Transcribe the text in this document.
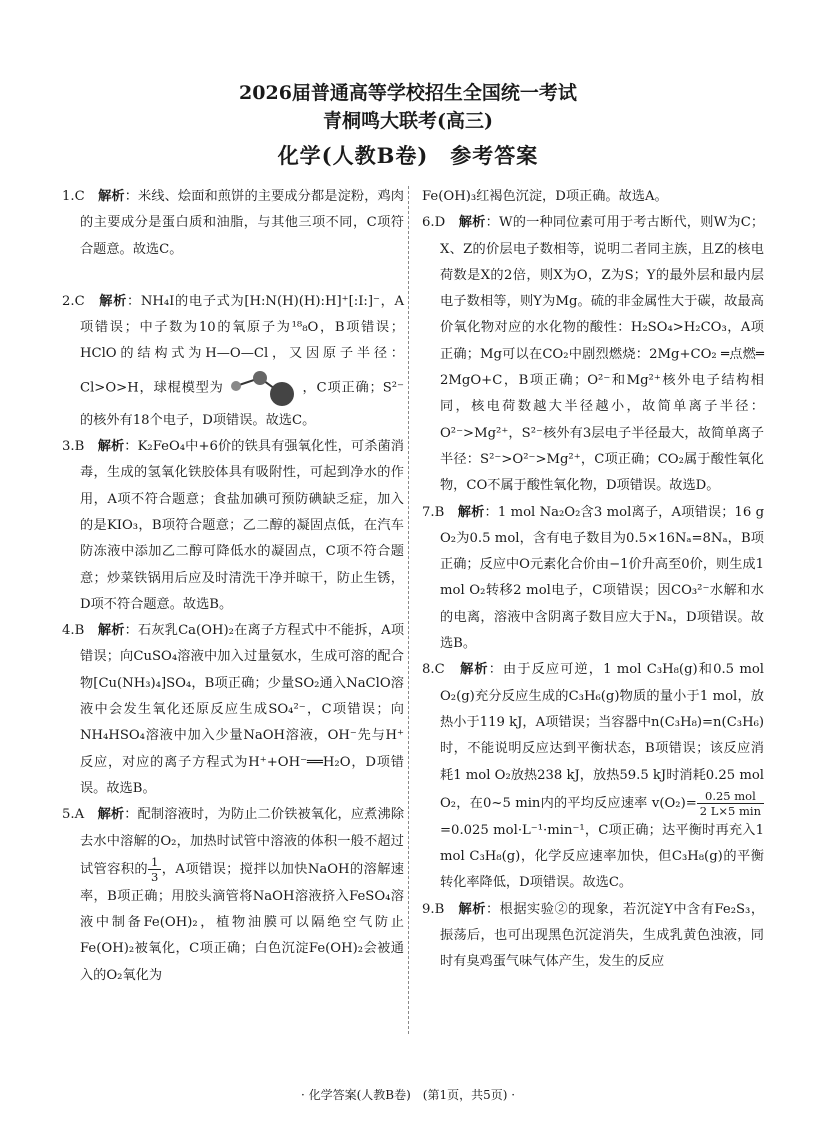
2026届普通高等学校招生全国统一考试
青桐鸣大联考(高三)
化学(人教B卷)　参考答案

1.C　 解析：米线、烩面和煎饼的主要成分都是淀粉，鸡肉的主要成分是蛋白质和油脂，与其他三项不同，C项符合题意。故选C。

2.C　 解析：NH₄I的电子式为[H:N(H)(H):H]⁺[:I:]⁻，A项错误；中子数为10的氧原子为¹⁸₈O，B项错误；HClO的结构式为H—O—Cl，又因原子半径：Cl>O>H，球棍模型为	，C项正确；S²⁻的核外有18个电子，D项错误。故选C。

3.B　 解析：K₂FeO₄中+6价的铁具有强氧化性，可杀菌消毒，生成的氢氧化铁胶体具有吸附性，可起到净水的作用，A项不符合题意；食盐加碘可预防碘缺乏症，加入的是KIO₃，B项符合题意；乙二醇的凝固点低，在汽车防冻液中添加乙二醇可降低水的凝固点，C项不符合题意；炒菜铁锅用后应及时清洗干净并晾干，防止生锈，D项不符合题意。故选B。

4.B　 解析：石灰乳Ca(OH)₂在离子方程式中不能拆，A项错误；向CuSO₄溶液中加入过量氨水，生成可溶的配合物[Cu(NH₃)₄]SO₄，B项正确；少量SO₂通入NaClO溶液中会发生氧化还原反应生成SO₄²⁻，C项错误；向NH₄HSO₄溶液中加入少量NaOH溶液，OH⁻先与H⁺反应，对应的离子方程式为H⁺+OH⁻══H₂O，D项错误。故选B。

5.A　 解析：配制溶液时，为防止二价铁被氧化，应煮沸除去水中溶解的O₂，加热时试管中溶液的体积一般不超过试管容积的 $\frac{1}{3}$ ，A项错误；搅拌以加快NaOH的溶解速率，B项正确；用胶头滴管将NaOH溶液挤入FeSO₄溶液中制备Fe(OH)₂，植物油膜可以隔绝空气防止Fe(OH)₂被氧化，C项正确；白色沉淀Fe(OH)₂会被通入的O₂氧化为

Fe(OH)₃红褐色沉淀，D项正确。故选A。

6.D　 解析：W的一种同位素可用于考古断代，则W为C；X、Z的价层电子数相等，说明二者同主族，且Z的核电荷数是X的2倍，则X为O，Z为S；Y的最外层和最内层电子数相等，则Y为Mg。硫的非金属性大于碳，故最高价氧化物对应的水化物的酸性：H₂SO₄>H₂CO₃，A项正确；Mg可以在CO₂中剧烈燃烧：2Mg+CO₂ ═点燃═ 2MgO+C，B项正确；O²⁻和Mg²⁺核外电子结构相同，核电荷数越大半径越小，故简单离子半径：O²⁻>Mg²⁺，S²⁻核外有3层电子半径最大，故简单离子半径：S²⁻>O²⁻>Mg²⁺，C项正确；CO₂属于酸性氧化物，CO不属于酸性氧化物，D项错误。故选D。

7.B　 解析：1 mol Na₂O₂含3 mol离子，A项错误；16 g O₂为0.5 mol，含有电子数目为0.5×16Nₐ=8Nₐ，B项正确；反应中O元素化合价由−1价升高至0价，则生成1 mol O₂转移2 mol电子，C项错误；因CO₃²⁻水解和水的电离，溶液中含阴离子数目应大于Nₐ，D项错误。故选B。

8.C　 解析：由于反应可逆，1 mol C₃H₈(g)和0.5 mol O₂(g)充分反应生成的C₃H₆(g)物质的量小于1 mol，放热小于119 kJ，A项错误；当容器中n(C₃H₈)=n(C₃H₆)时，不能说明反应达到平衡状态，B项错误；该反应消耗1 mol O₂放热238 kJ，放热59.5 kJ时消耗0.25 mol O₂，在0~5 min内的平均反应速率 $v(O_2)= \frac{\text{0.25 mol}}{2 L\times 5 \min}$
=0.025 mol·L⁻¹·min⁻¹，C项正确；达平衡时再充入1 mol C₃H₈(g)，化学反应速率加快，但C₃H₈(g)的平衡转化率降低，D项错误。故选C。

9.B　 解析：根据实验②的现象，若沉淀Y中含有Fe₂S₃，振荡后，也可出现黑色沉淀消失，生成乳黄色浊液，同时有臭鸡蛋气味气体产生，发生的反应

· 化学答案(人教B卷)　(第1页，共5页) ·
